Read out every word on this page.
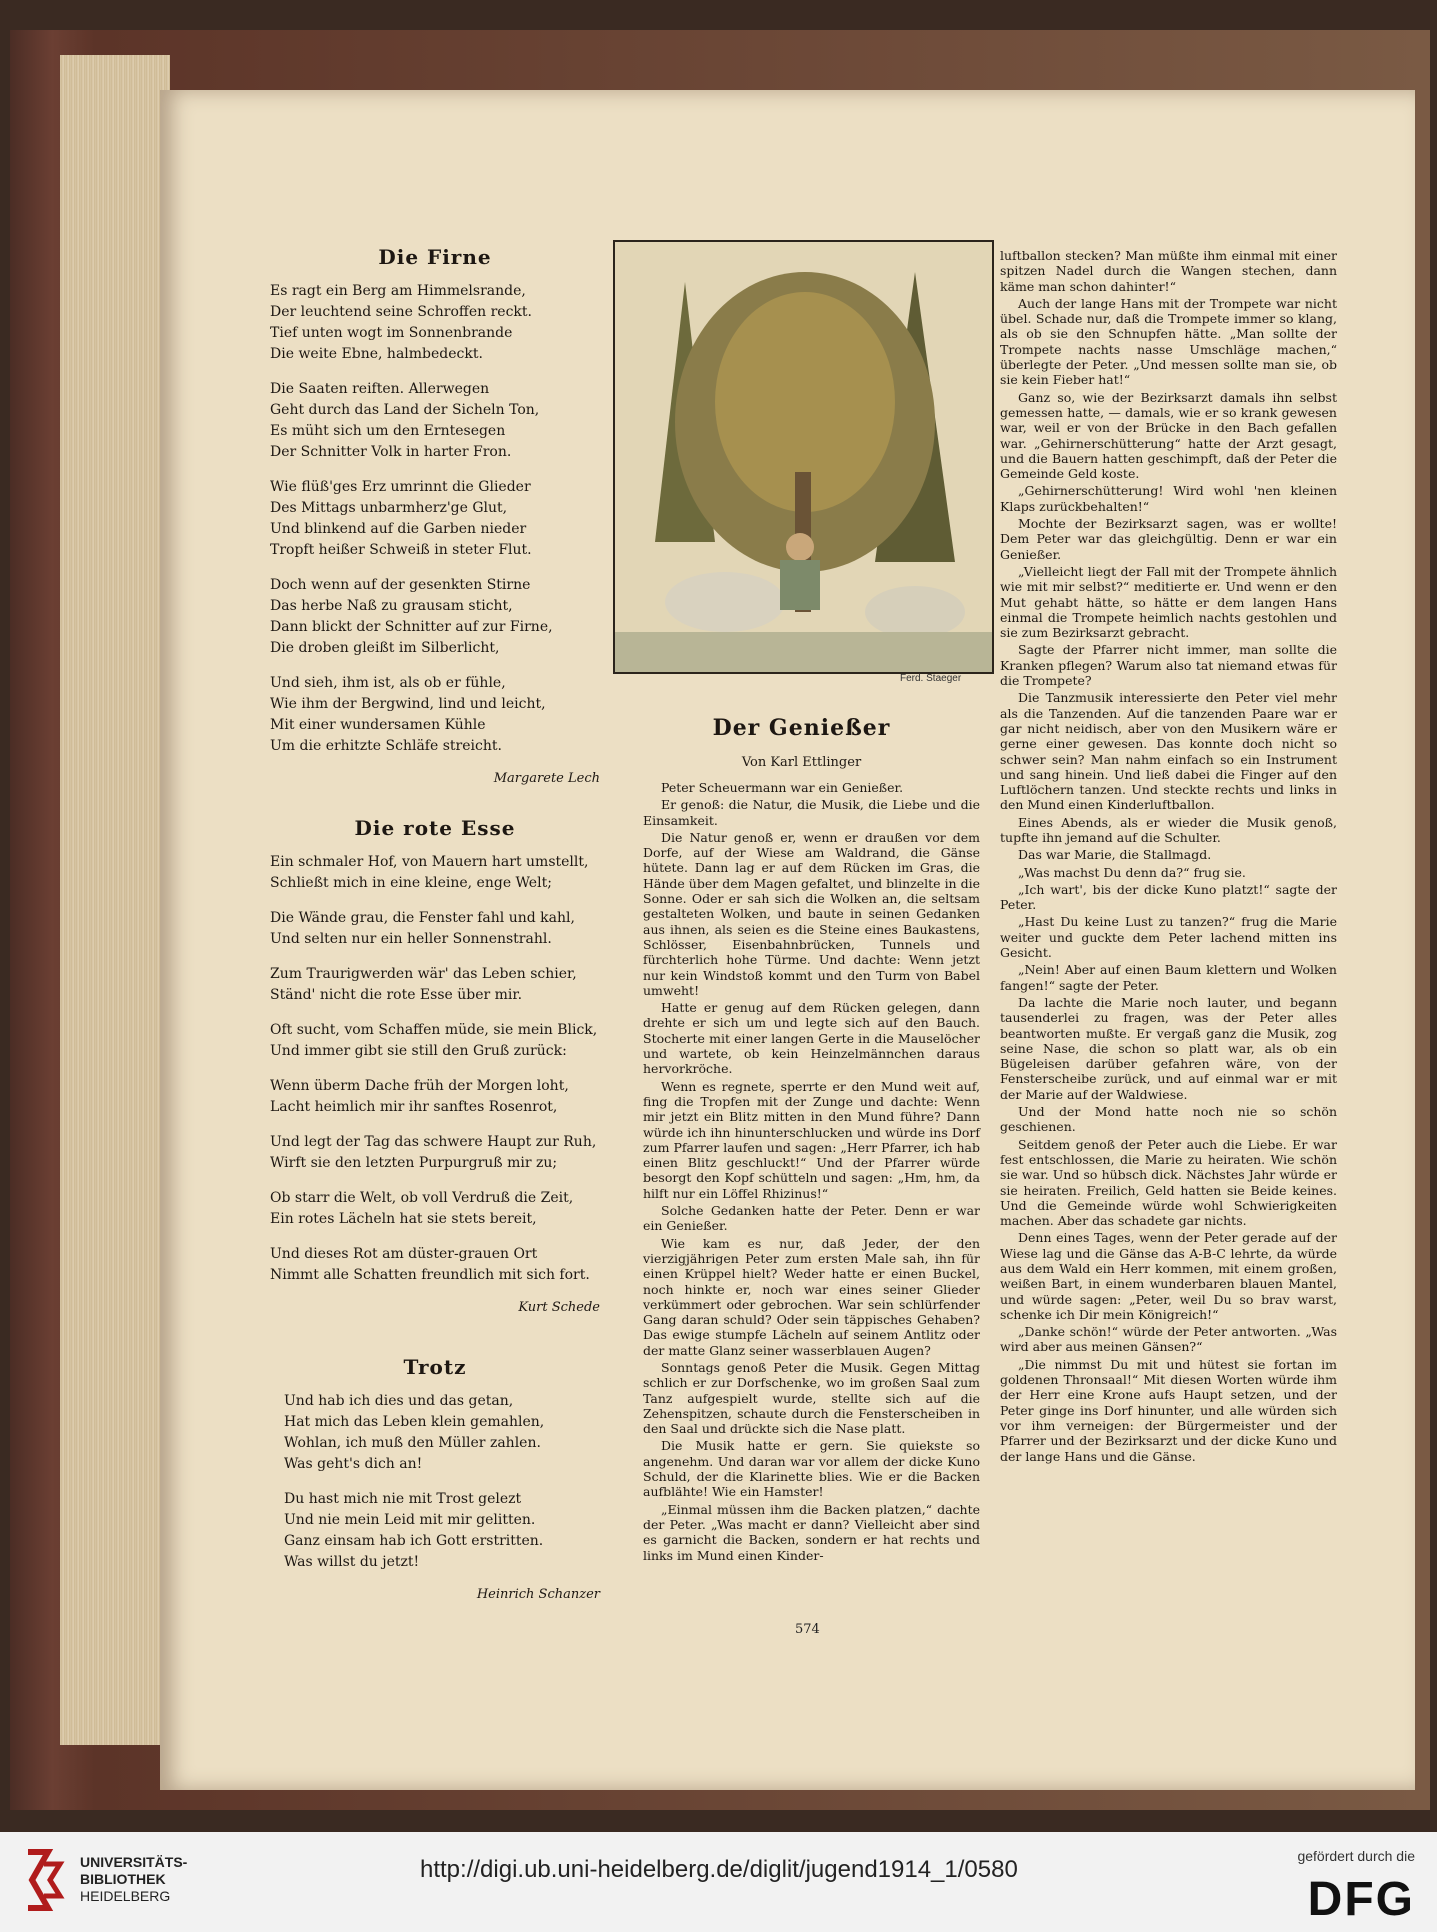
Die Firne
Es ragt ein Berg am Himmelsrande,
Der leuchtend seine Schroffen reckt.
Tief unten wogt im Sonnenbrande
Die weite Ebne, halmbedeckt.
Die Saaten reiften. Allerwegen
Geht durch das Land der Sicheln Ton,
Es müht sich um den Erntesegen
Der Schnitter Volk in harter Fron.
Wie flüß'ges Erz umrinnt die Glieder
Des Mittags unbarmherz'ge Glut,
Und blinkend auf die Garben nieder
Tropft heißer Schweiß in steter Flut.
Doch wenn auf der gesenkten Stirne
Das herbe Naß zu grausam sticht,
Dann blickt der Schnitter auf zur Firne,
Die droben gleißt im Silberlicht,
Und sieh, ihm ist, als ob er fühle,
Wie ihm der Bergwind, lind und leicht,
Mit einer wundersamen Kühle
Um die erhitzte Schläfe streicht.
Margarete Lech
Die rote Esse
Ein schmaler Hof, von Mauern hart umstellt,
Schließt mich in eine kleine, enge Welt;
Die Wände grau, die Fenster fahl und kahl,
Und selten nur ein heller Sonnenstrahl.
Zum Traurigwerden wär' das Leben schier,
Ständ' nicht die rote Esse über mir.
Oft sucht, vom Schaffen müde, sie mein Blick,
Und immer gibt sie still den Gruß zurück:
Wenn überm Dache früh der Morgen loht,
Lacht heimlich mir ihr sanftes Rosenrot,
Und legt der Tag das schwere Haupt zur Ruh,
Wirft sie den letzten Purpurgruß mir zu;
Ob starr die Welt, ob voll Verdruß die Zeit,
Ein rotes Lächeln hat sie stets bereit,
Und dieses Rot am düster-grauen Ort
Nimmt alle Schatten freundlich mit sich fort.
Kurt Schede
Trotz
Und hab ich dies und das getan,
Hat mich das Leben klein gemahlen,
Wohlan, ich muß den Müller zahlen.
Was geht's dich an!
Du hast mich nie mit Trost gelezt
Und nie mein Leid mit mir gelitten.
Ganz einsam hab ich Gott erstritten.
Was willst du jetzt!
Heinrich Schanzer
Ferd. Staeger
Der Genießer
Von Karl Ettlinger

Peter Scheuermann war ein Genießer.

Er genoß: die Natur, die Musik, die Liebe und die Einsamkeit.

Die Natur genoß er, wenn er draußen vor dem Dorfe, auf der Wiese am Waldrand, die Gänse hütete. Dann lag er auf dem Rücken im Gras, die Hände über dem Magen gefaltet, und blinzelte in die Sonne. Oder er sah sich die Wolken an, die seltsam gestalteten Wolken, und baute in seinen Gedanken aus ihnen, als seien es die Steine eines Baukastens, Schlösser, Eisenbahnbrücken, Tunnels und fürchterlich hohe Türme. Und dachte: Wenn jetzt nur kein Windstoß kommt und den Turm von Babel umweht!

Hatte er genug auf dem Rücken gelegen, dann drehte er sich um und legte sich auf den Bauch. Stocherte mit einer langen Gerte in die Mauselöcher und wartete, ob kein Heinzelmännchen daraus hervorkröche.

Wenn es regnete, sperrte er den Mund weit auf, fing die Tropfen mit der Zunge und dachte: Wenn mir jetzt ein Blitz mitten in den Mund führe? Dann würde ich ihn hinunterschlucken und würde ins Dorf zum Pfarrer laufen und sagen: „Herr Pfarrer, ich hab einen Blitz geschluckt!“ Und der Pfarrer würde besorgt den Kopf schütteln und sagen: „Hm, hm, da hilft nur ein Löffel Rhizinus!“

Solche Gedanken hatte der Peter. Denn er war ein Genießer.

Wie kam es nur, daß Jeder, der den vierzigjährigen Peter zum ersten Male sah, ihn für einen Krüppel hielt? Weder hatte er einen Buckel, noch hinkte er, noch war eines seiner Glieder verkümmert oder gebrochen. War sein schlürfender Gang daran schuld? Oder sein täppisches Gehaben? Das ewige stumpfe Lächeln auf seinem Antlitz oder der matte Glanz seiner wasserblauen Augen?

Sonntags genoß Peter die Musik. Gegen Mittag schlich er zur Dorfschenke, wo im großen Saal zum Tanz aufgespielt wurde, stellte sich auf die Zehenspitzen, schaute durch die Fensterscheiben in den Saal und drückte sich die Nase platt.

Die Musik hatte er gern. Sie quiekste so angenehm. Und daran war vor allem der dicke Kuno Schuld, der die Klarinette blies. Wie er die Backen aufblähte! Wie ein Hamster!

„Einmal müssen ihm die Backen platzen,“ dachte der Peter. „Was macht er dann? Vielleicht aber sind es garnicht die Backen, sondern er hat rechts und links im Mund einen Kinder-

luftballon stecken? Man müßte ihm einmal mit einer spitzen Nadel durch die Wangen stechen, dann käme man schon dahinter!“

Auch der lange Hans mit der Trompete war nicht übel. Schade nur, daß die Trompete immer so klang, als ob sie den Schnupfen hätte. „Man sollte der Trompete nachts nasse Umschläge machen,“ überlegte der Peter. „Und messen sollte man sie, ob sie kein Fieber hat!“

Ganz so, wie der Bezirksarzt damals ihn selbst gemessen hatte, — damals, wie er so krank gewesen war, weil er von der Brücke in den Bach gefallen war. „Gehirnerschütterung“ hatte der Arzt gesagt, und die Bauern hatten geschimpft, daß der Peter die Gemeinde Geld koste.

„Gehirnerschütterung! Wird wohl 'nen kleinen Klaps zurückbehalten!“

Mochte der Bezirksarzt sagen, was er wollte! Dem Peter war das gleichgültig. Denn er war ein Genießer.

„Vielleicht liegt der Fall mit der Trompete ähnlich wie mit mir selbst?“ meditierte er. Und wenn er den Mut gehabt hätte, so hätte er dem langen Hans einmal die Trompete heimlich nachts gestohlen und sie zum Bezirksarzt gebracht.

Sagte der Pfarrer nicht immer, man sollte die Kranken pflegen? Warum also tat niemand etwas für die Trompete?

Die Tanzmusik interessierte den Peter viel mehr als die Tanzenden. Auf die tanzenden Paare war er gar nicht neidisch, aber von den Musikern wäre er gerne einer gewesen. Das konnte doch nicht so schwer sein? Man nahm einfach so ein Instrument und sang hinein. Und ließ dabei die Finger auf den Luftlöchern tanzen. Und steckte rechts und links in den Mund einen Kinderluftballon.

Eines Abends, als er wieder die Musik genoß, tupfte ihn jemand auf die Schulter.

Das war Marie, die Stallmagd.

„Was machst Du denn da?“ frug sie.

„Ich wart', bis der dicke Kuno platzt!“ sagte der Peter.

„Hast Du keine Lust zu tanzen?“ frug die Marie weiter und guckte dem Peter lachend mitten ins Gesicht.

„Nein! Aber auf einen Baum klettern und Wolken fangen!“ sagte der Peter.

Da lachte die Marie noch lauter, und begann tausenderlei zu fragen, was der Peter alles beantworten mußte. Er vergaß ganz die Musik, zog seine Nase, die schon so platt war, als ob ein Bügeleisen darüber gefahren wäre, von der Fensterscheibe zurück, und auf einmal war er mit der Marie auf der Waldwiese.

Und der Mond hatte noch nie so schön geschienen.

Seitdem genoß der Peter auch die Liebe. Er war fest entschlossen, die Marie zu heiraten. Wie schön sie war. Und so hübsch dick. Nächstes Jahr würde er sie heiraten. Freilich, Geld hatten sie Beide keines. Und die Gemeinde würde wohl Schwierigkeiten machen. Aber das schadete gar nichts.

Denn eines Tages, wenn der Peter gerade auf der Wiese lag und die Gänse das A-B-C lehrte, da würde aus dem Wald ein Herr kommen, mit einem großen, weißen Bart, in einem wunderbaren blauen Mantel, und würde sagen: „Peter, weil Du so brav warst, schenke ich Dir mein Königreich!“

„Danke schön!“ würde der Peter antworten. „Was wird aber aus meinen Gänsen?“

„Die nimmst Du mit und hütest sie fortan im goldenen Thronsaal!“ Mit diesen Worten würde ihm der Herr eine Krone aufs Haupt setzen, und der Peter ginge ins Dorf hinunter, und alle würden sich vor ihm verneigen: der Bürgermeister und der Pfarrer und der Bezirksarzt und der dicke Kuno und der lange Hans und die Gänse.

574
UNIVERSITÄTS-
BIBLIOTHEK
HEIDELBERG
http://digi.ub.uni-heidelberg.de/diglit/jugend1914_1/0580	gefördert durch die
DFG
